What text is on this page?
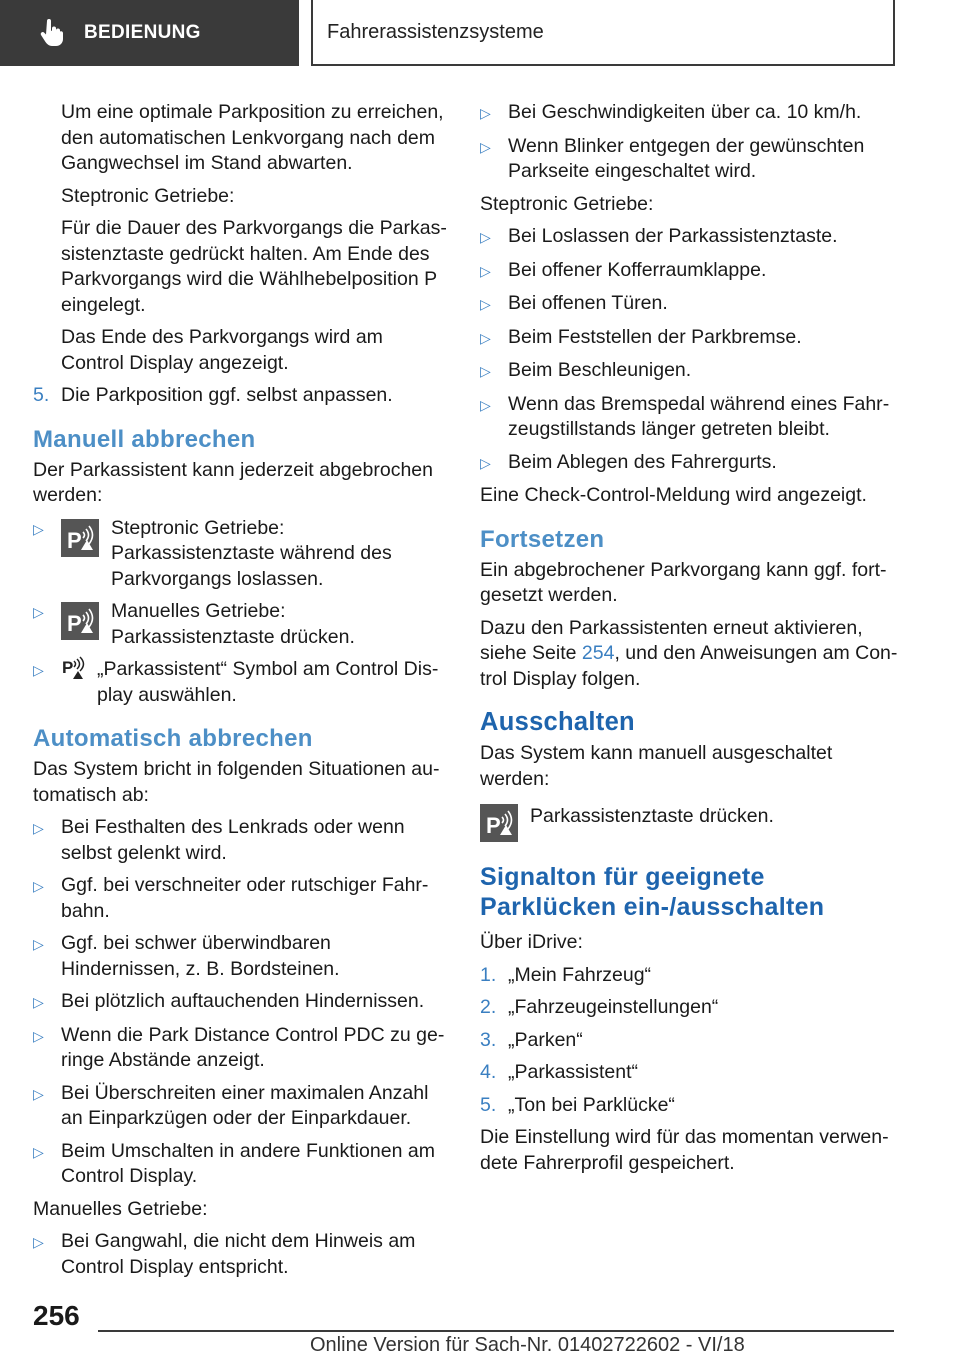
BEDIENUNG	Fahrerassistenzsysteme
Um eine optimale Parkposition zu erreichen, den automatischen Lenkvorgang nach dem Gangwechsel im Stand abwarten.
Steptronic Getriebe:
Für die Dauer des Parkvorgangs die Parkassistenztaste gedrückt halten. Am Ende des Parkvorgangs wird die Wählhebelposition P eingelegt.
Das Ende des Parkvorgangs wird am Control Display angezeigt.
5. Die Parkposition ggf. selbst anpassen.
Manuell abbrechen
Der Parkassistent kann jederzeit abgebrochen werden:
▷	P Steptronic Getriebe: Parkassistenztaste während des Parkvorgangs loslassen.
▷	P Manuelles Getriebe: Parkassistenztaste drücken.
▷	P „Parkassistent“ Symbol am Control Display auswählen.
Automatisch abbrechen
Das System bricht in folgenden Situationen automatisch ab:
▷ Bei Festhalten des Lenkrads oder wenn selbst gelenkt wird.
▷ Ggf. bei verschneiter oder rutschiger Fahrbahn.
▷ Ggf. bei schwer überwindbaren Hindernissen, z. B. Bordsteinen.
▷ Bei plötzlich auftauchenden Hindernissen.
▷ Wenn die Park Distance Control PDC zu geringe Abstände anzeigt.
▷ Bei Überschreiten einer maximalen Anzahl an Einparkzügen oder der Einparkdauer.
▷ Beim Umschalten in andere Funktionen am Control Display.
Manuelles Getriebe:
▷ Bei Gangwahl, die nicht dem Hinweis am Control Display entspricht.
▷ Bei Geschwindigkeiten über ca. 10 km/h.
▷ Wenn Blinker entgegen der gewünschten Parkseite eingeschaltet wird.
Steptronic Getriebe:
▷ Bei Loslassen der Parkassistenztaste.
▷ Bei offener Kofferraumklappe.
▷ Bei offenen Türen.
▷ Beim Feststellen der Parkbremse.
▷ Beim Beschleunigen.
▷ Wenn das Bremspedal während eines Fahrzeugstillstands länger getreten bleibt.
▷ Beim Ablegen des Fahrergurts.
Eine Check-Control-Meldung wird angezeigt.
Fortsetzen
Ein abgebrochener Parkvorgang kann ggf. fortgesetzt werden.
Dazu den Parkassistenten erneut aktivieren, siehe Seite 254, und den Anweisungen am Control Display folgen.
Ausschalten
Das System kann manuell ausgeschaltet werden:
P Parkassistenztaste drücken.
Signalton für geeignete Parklücken ein-/ausschalten
Über iDrive:
1. „Mein Fahrzeug“
2. „Fahrzeugeinstellungen“
3. „Parken“
4. „Parkassistent“
5. „Ton bei Parklücke“
Die Einstellung wird für das momentan verwendete Fahrerprofil gespeichert.
256
Online Version für Sach-Nr. 01402722602 - VI/18
